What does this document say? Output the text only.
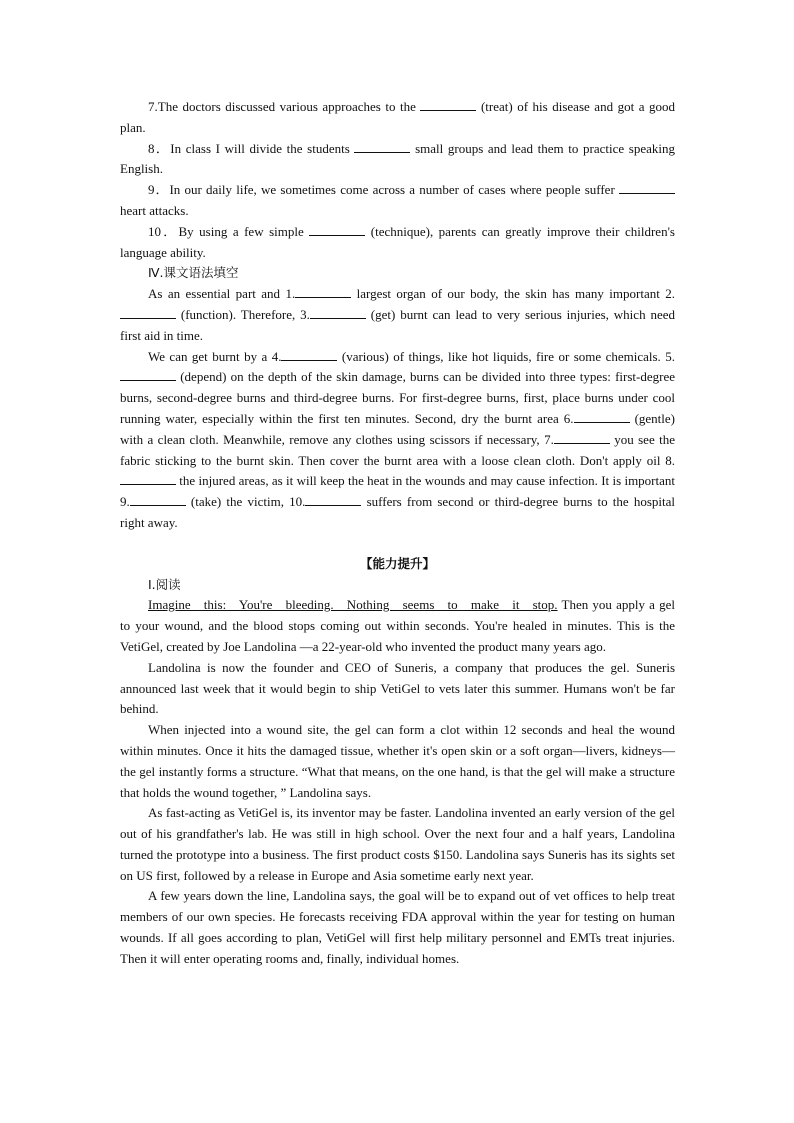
7.The doctors discussed various approaches to the	(treat) of his disease and got a good plan.

8．In class I will divide the students	small groups and lead them to practice speaking English.

9．In our daily life, we sometimes come across a number of cases where people suffer  heart attacks.

10．By using a few simple	(technique), parents can greatly improve their children's language ability.

Ⅳ.课文语法填空

As an essential part and 1.	largest organ of our body, the skin has many important 2. (function). Therefore, 3.	(get) burnt can lead to very serious injuries, which need first aid in time.

We can get burnt by a 4.	(various) of things, like hot liquids, fire or some chemicals. 5. (depend) on the depth of the skin damage, burns can be divided into three types: first-degree burns, second-degree burns and third-degree burns. For first-degree burns, first, place burns under cool running water, especially within the first ten minutes. Second, dry the burnt area 6.	(gentle) with a clean cloth. Meanwhile, remove any clothes using scissors if necessary, 7.	you see the fabric sticking to the burnt skin. Then cover the burnt area with a loose clean cloth. Don't apply oil 8. the injured areas, as it will keep the heat in the wounds and may cause infection. It is important 9.	(take) the victim, 10.	suffers from second or third-degree burns to the hospital right away.

【能力提升】

Ⅰ.阅读

Imagine this: You're bleeding. Nothing seems to make it stop. Then you apply a gel to your wound, and the blood stops coming out within seconds. You're healed in minutes. This is the VetiGel, created by Joe Landolina —a 22-year-old who invented the product many years ago.

Landolina is now the founder and CEO of Suneris, a company that produces the gel. Suneris announced last week that it would begin to ship VetiGel to vets later this summer. Humans won't be far behind.

When injected into a wound site, the gel can form a clot within 12 seconds and heal the wound within minutes. Once it hits the damaged tissue, whether it's open skin or a soft organ—livers, kidneys—the gel instantly forms a structure. “What that means, on the one hand, is that the gel will make a structure that holds the wound together, ” Landolina says.

As fast-acting as VetiGel is, its inventor may be faster. Landolina invented an early version of the gel out of his grandfather's lab. He was still in high school. Over the next four and a half years, Landolina turned the prototype into a business. The first product costs $150. Landolina says Suneris has its sights set on US first, followed by a release in Europe and Asia sometime early next year.

A few years down the line, Landolina says, the goal will be to expand out of vet offices to help treat members of our own species. He forecasts receiving FDA approval within the year for testing on human wounds. If all goes according to plan, VetiGel will first help military personnel and EMTs treat injuries. Then it will enter operating rooms and, finally, individual homes.
